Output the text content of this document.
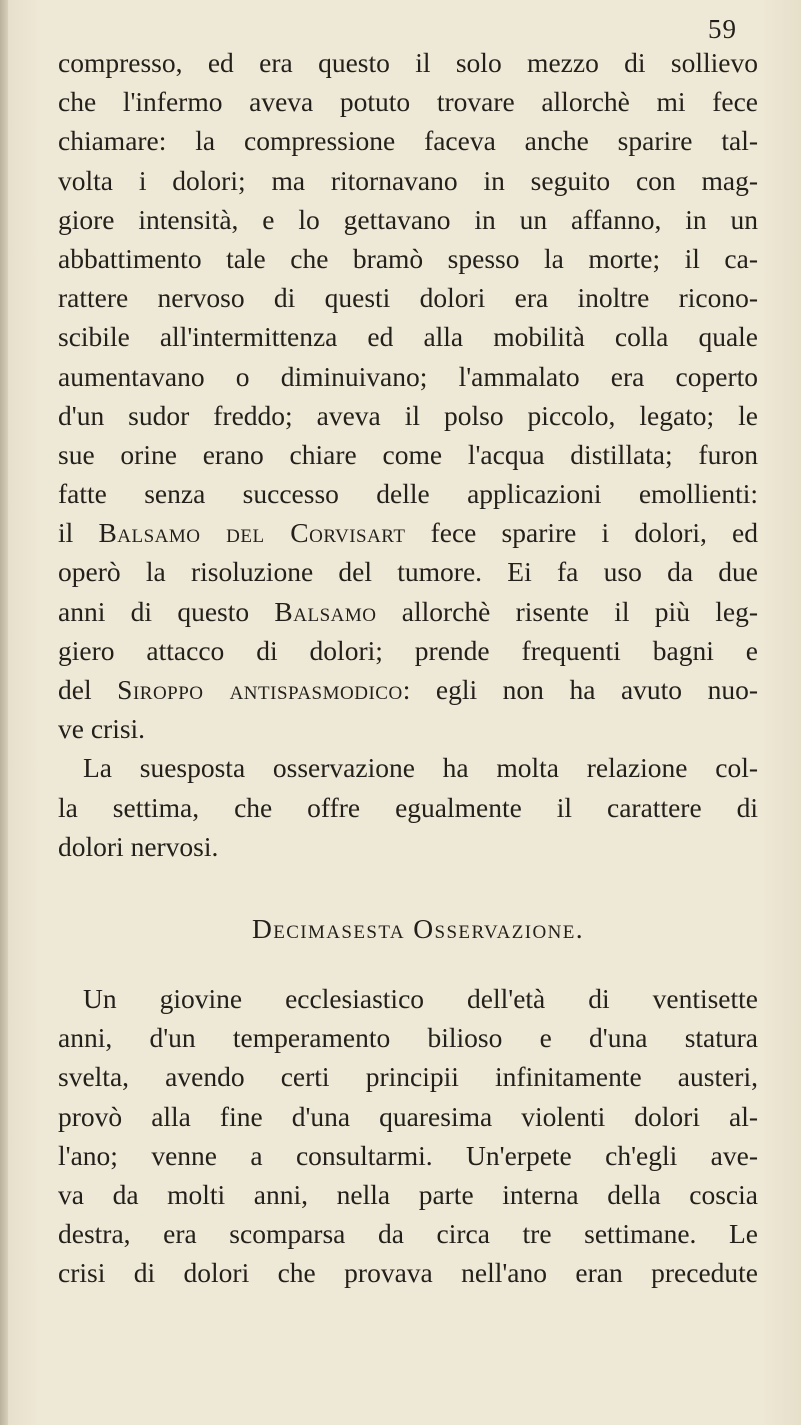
59
compresso, ed era questo il solo mezzo di sollievo
che l'infermo aveva potuto trovare allorchè mi fece
chiamare: la compressione faceva anche sparire tal-
volta i dolori; ma ritornavano in seguito con mag-
giore intensità, e lo gettavano in un affanno, in un
abbattimento tale che bramò spesso la morte; il ca-
rattere nervoso di questi dolori era inoltre ricono-
scibile all'intermittenza ed alla mobilità colla quale
aumentavano o diminuivano; l'ammalato era coperto
d'un sudor freddo; aveva il polso piccolo, legato; le
sue orine erano chiare come l'acqua distillata; furon
fatte senza successo delle applicazioni emollienti:
il Balsamo del Corvisart fece sparire i dolori, ed
operò la risoluzione del tumore. Ei fa uso da due
anni di questo Balsamo allorchè risente il più leg-
giero attacco di dolori; prende frequenti bagni e
del Siroppo antispasmodico: egli non ha avuto nuo-
ve crisi.
La suesposta osservazione ha molta relazione col-
la settima, che offre egualmente il carattere di
dolori nervosi.
Decimasesta Osservazione.
Un giovine ecclesiastico dell'età di ventisette
anni, d'un temperamento bilioso e d'una statura
svelta, avendo certi principii infinitamente austeri,
provò alla fine d'una quaresima violenti dolori al-
l'ano; venne a consultarmi. Un'erpete ch'egli ave-
va da molti anni, nella parte interna della coscia
destra, era scomparsa da circa tre settimane. Le
crisi di dolori che provava nell'ano eran precedute
